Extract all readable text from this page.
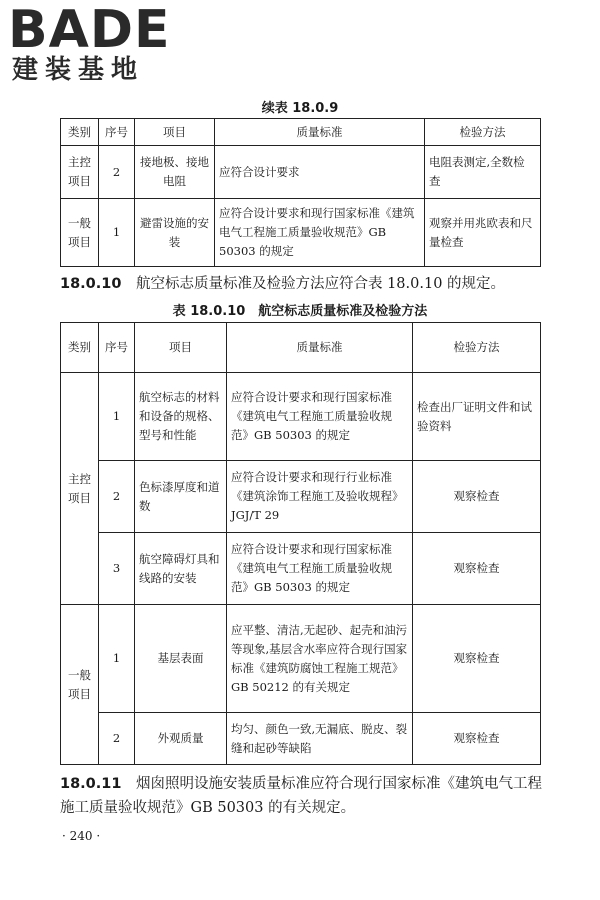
BADE
建装基地
续表 18.0.9
类别	序号	项目	质量标准	检验方法
主控项目	2	接地极、接地电阻	应符合设计要求	电阻表测定,全数检查
一般项目	1	避雷设施的安装	应符合设计要求和现行国家标准《建筑电气工程施工质量验收规范》GB 50303 的规定	观察并用兆欧表和尺量检查
18.0.10　 航空标志质量标准及检验方法应符合表 18.0.10 的规定。
表 18.0.10　航空标志质量标准及检验方法
类别	序号	项目	质量标准	检验方法
主控项目	1	航空标志的材料和设备的规格、型号和性能	应符合设计要求和现行国家标准《建筑电气工程施工质量验收规范》GB 50303 的规定	检查出厂证明文件和试验资料
	2	色标漆厚度和道数	应符合设计要求和现行行业标准《建筑涂饰工程施工及验收规程》JGJ/T 29	观察检查
	3	航空障碍灯具和线路的安装	应符合设计要求和现行国家标准《建筑电气工程施工质量验收规范》GB 50303 的规定	观察检查
一般项目	1	基层表面	应平整、清洁,无起砂、起壳和油污等现象,基层含水率应符合现行国家标准《建筑防腐蚀工程施工规范》GB 50212 的有关规定	观察检查
	2	外观质量	均匀、颜色一致,无漏底、脱皮、裂缝和起砂等缺陷	观察检查
18.0.11　 烟囱照明设施安装质量标准应符合现行国家标准《建筑电气工程施工质量验收规范》GB 50303 的有关规定。
· 240 ·
